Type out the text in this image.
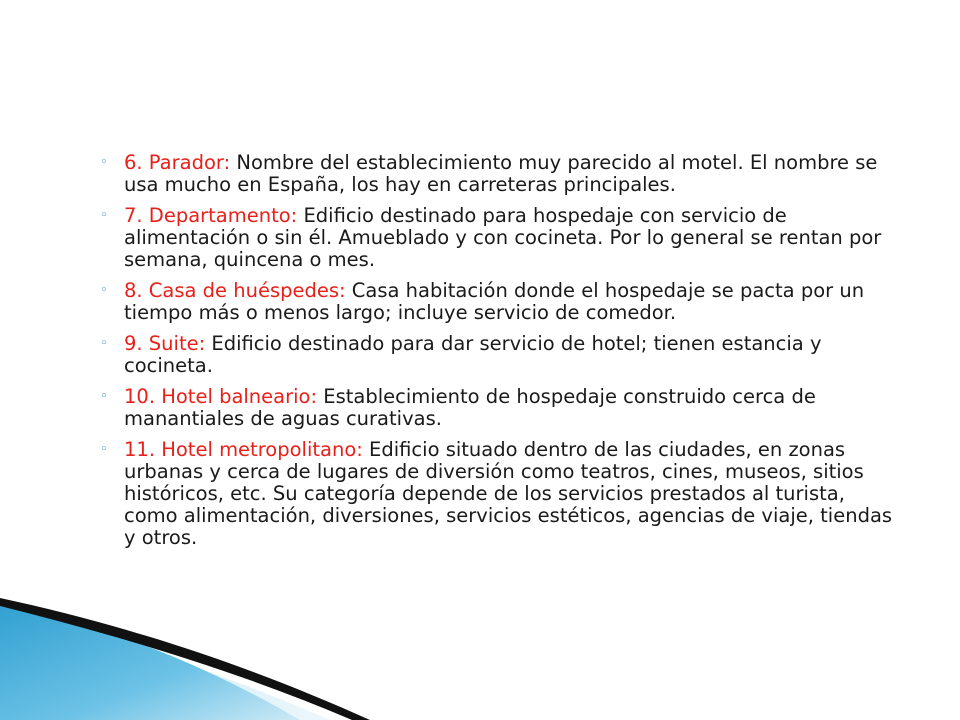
◦ 6. Parador: Nombre del establecimiento muy parecido al motel. El nombre se usa mucho en España, los hay en carreteras principales.
◦ 7. Departamento: Edificio destinado para hospedaje con servicio de alimentación o sin él. Amueblado y con cocineta. Por lo general se rentan por semana, quincena o mes.
◦ 8. Casa de huéspedes: Casa habitación donde el hospedaje se pacta por un tiempo más o menos largo; incluye servicio de comedor.
◦ 9. Suite: Edificio destinado para dar servicio de hotel; tienen estancia y cocineta.
◦ 10. Hotel balneario: Establecimiento de hospedaje construido cerca de manantiales de aguas curativas.
◦ 11. Hotel metropolitano: Edificio situado dentro de las ciudades, en zonas urbanas y cerca de lugares de diversión como teatros, cines, museos, sitios históricos, etc. Su categoría depende de los servicios prestados al turista, como alimentación, diversiones, servicios estéticos, agencias de viaje, tiendas y otros.
